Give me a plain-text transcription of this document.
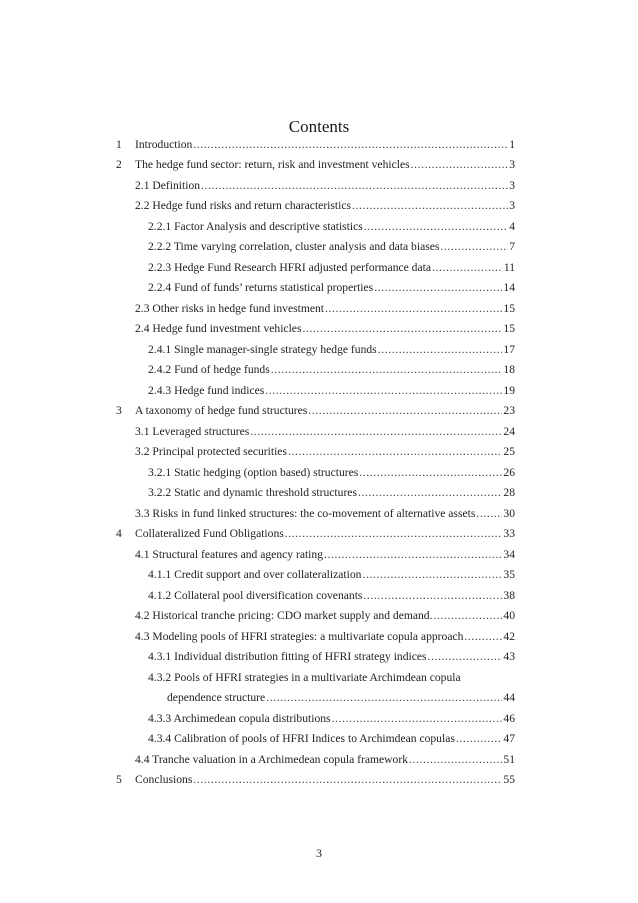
Contents
1 Introduction .....	1
2 The hedge fund sector: return, risk and investment vehicles .....	3
2.1 Definition .....	3
2.2 Hedge fund risks and return characteristics .....	3
2.2.1 Factor Analysis and descriptive statistics .....	4
2.2.2 Time varying correlation, cluster analysis and data biases .....	7
2.2.3 Hedge Fund Research HFRI adjusted performance data .....	11
2.2.4 Fund of funds’ returns statistical properties .....	14
2.3 Other risks in hedge fund investment .....	15
2.4 Hedge fund investment vehicles .....	15
2.4.1 Single manager-single strategy hedge funds .....	17
2.4.2 Fund of hedge funds .....	18
2.4.3 Hedge fund indices .....	19
3 A taxonomy of hedge fund structures .....	23
3.1 Leveraged structures .....	24
3.2 Principal protected securities .....	25
3.2.1 Static hedging (option based) structures .....	26
3.2.2 Static and dynamic threshold structures .....	28
3.3 Risks in fund linked structures: the co-movement of alternative assets ..... 30
4 Collateralized Fund Obligations .....	33
4.1 Structural features and agency rating .....	34
4.1.1 Credit support and over collateralization .....	35
4.1.2 Collateral pool diversification covenants .....	38
4.2 Historical tranche pricing: CDO market supply and demand. .....	40
4.3 Modeling pools of HFRI strategies: a multivariate copula approach .....	42
4.3.1 Individual distribution fitting of HFRI strategy indices .....	43
4.3.2 Pools of HFRI strategies in a multivariate Archimdean copula
dependence structure .....	44
4.3.3 Archimedean copula distributions .....	46
4.3.4 Calibration of pools of HFRI Indices to Archimdean copulas .....	47
4.4 Tranche valuation in a Archimedean copula framework .....	51
5 Conclusions .....	55
3
